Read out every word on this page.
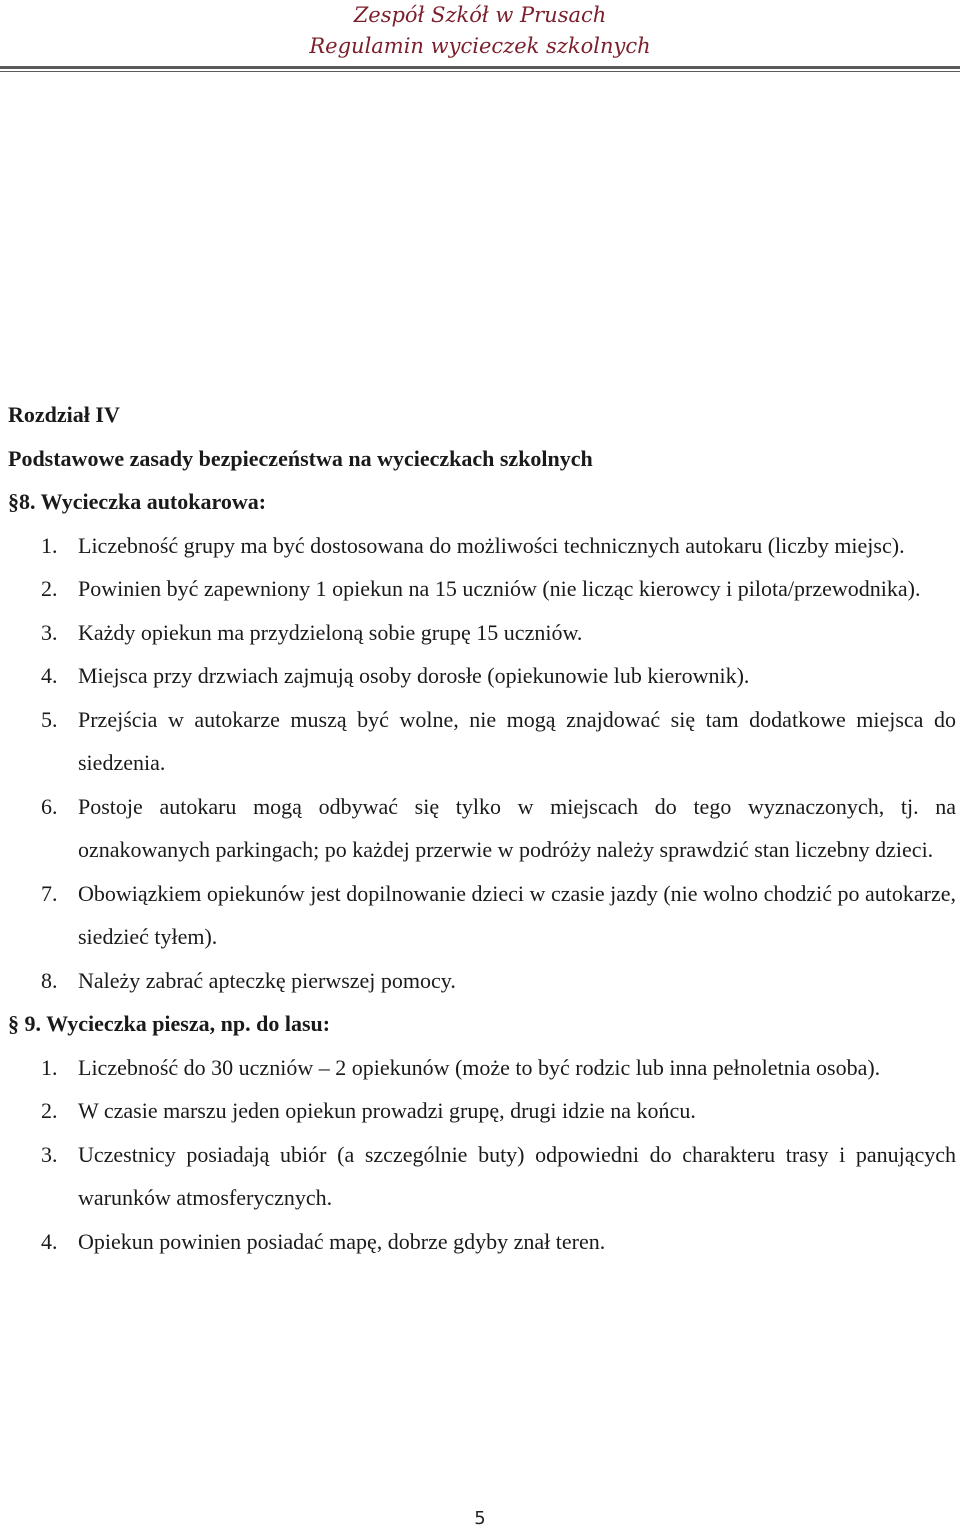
Zespół Szkół w Prusach
Regulamin wycieczek szkolnych

Rozdział IV

Podstawowe zasady bezpieczeństwa na wycieczkach szkolnych

§8. Wycieczka autokarowa:

1. Liczebność grupy ma być dostosowana do możliwości technicznych autokaru (liczby miejsc).
2. Powinien być zapewniony 1 opiekun na 15 uczniów (nie licząc kierowcy i pilota/przewodnika).
3. Każdy opiekun ma przydzieloną sobie grupę 15 uczniów.
4. Miejsca przy drzwiach zajmują osoby dorosłe (opiekunowie lub kierownik).
5. Przejścia w autokarze muszą być wolne, nie mogą znajdować się tam dodatkowe miejsca do siedzenia.
6. Postoje autokaru mogą odbywać się tylko w miejscach do tego wyznaczonych, tj. na oznakowanych parkingach; po każdej przerwie w podróży należy sprawdzić stan liczebny dzieci.
7. Obowiązkiem opiekunów jest dopilnowanie dzieci w czasie jazdy (nie wolno chodzić po autokarze, siedzieć tyłem).
8. Należy zabrać apteczkę pierwszej pomocy.

§ 9. Wycieczka piesza, np. do lasu:

1. Liczebność do 30 uczniów – 2 opiekunów (może to być rodzic lub inna pełnoletnia osoba).
2. W czasie marszu jeden opiekun prowadzi grupę, drugi idzie na końcu.
3. Uczestnicy posiadają ubiór (a szczególnie buty) odpowiedni do charakteru trasy i panujących warunków atmosferycznych.
4. Opiekun powinien posiadać mapę, dobrze gdyby znał teren.
5
